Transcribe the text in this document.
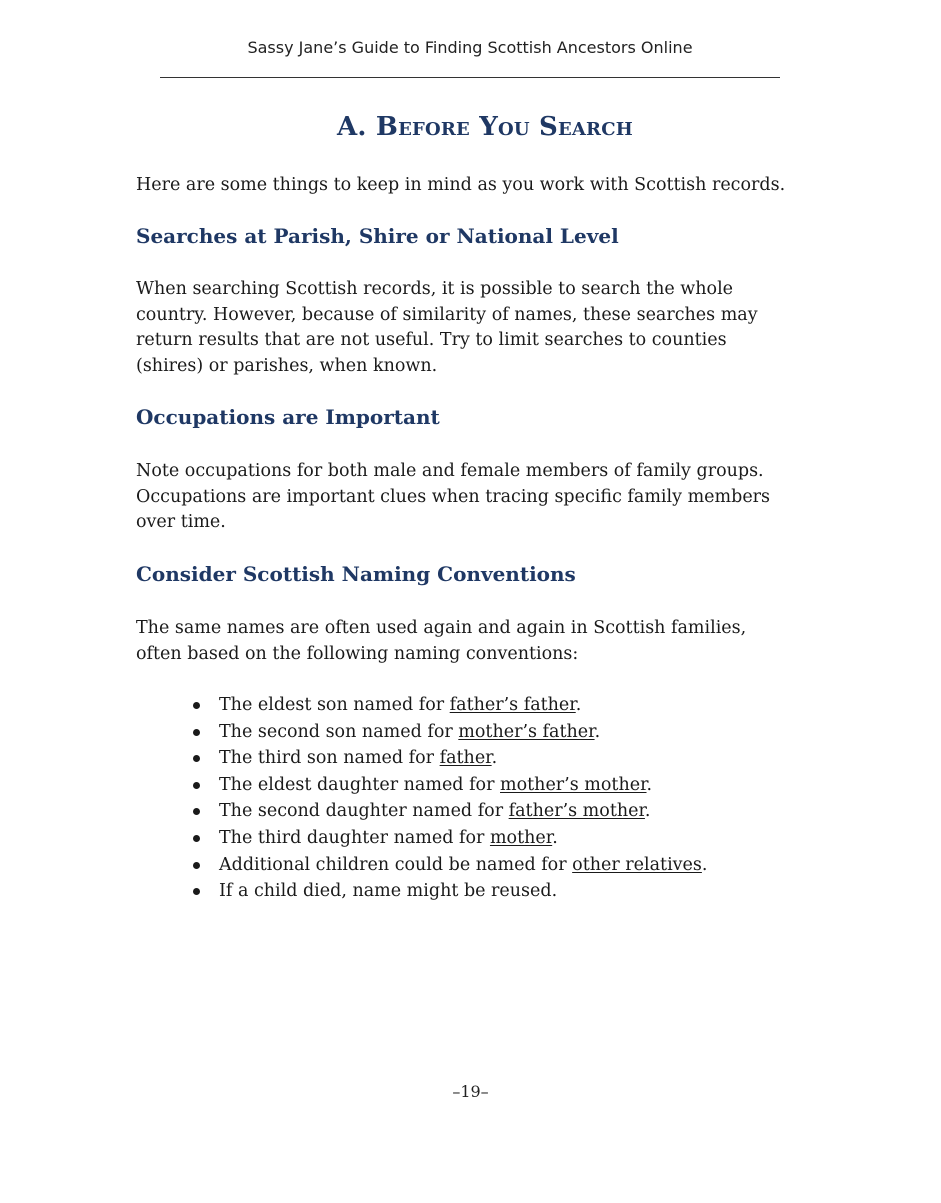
Sassy Jane’s Guide to Finding Scottish Ancestors Online
A. Before You Search
Here are some things to keep in mind as you work with Scottish records.
Searches at Parish, Shire or National Level
When searching Scottish records, it is possible to search the whole
country. However, because of similarity of names, these searches may
return results that are not useful. Try to limit searches to counties
(shires) or parishes, when known.
Occupations are Important
Note occupations for both male and female members of family groups.
Occupations are important clues when tracing specific family members
over time.
Consider Scottish Naming Conventions
The same names are often used again and again in Scottish families,
often based on the following naming conventions:
The eldest son named for father’s father.
The second son named for mother’s father.
The third son named for father.
The eldest daughter named for mother’s mother.
The second daughter named for father’s mother.
The third daughter named for mother.
Additional children could be named for other relatives.
If a child died, name might be reused.
–19–
